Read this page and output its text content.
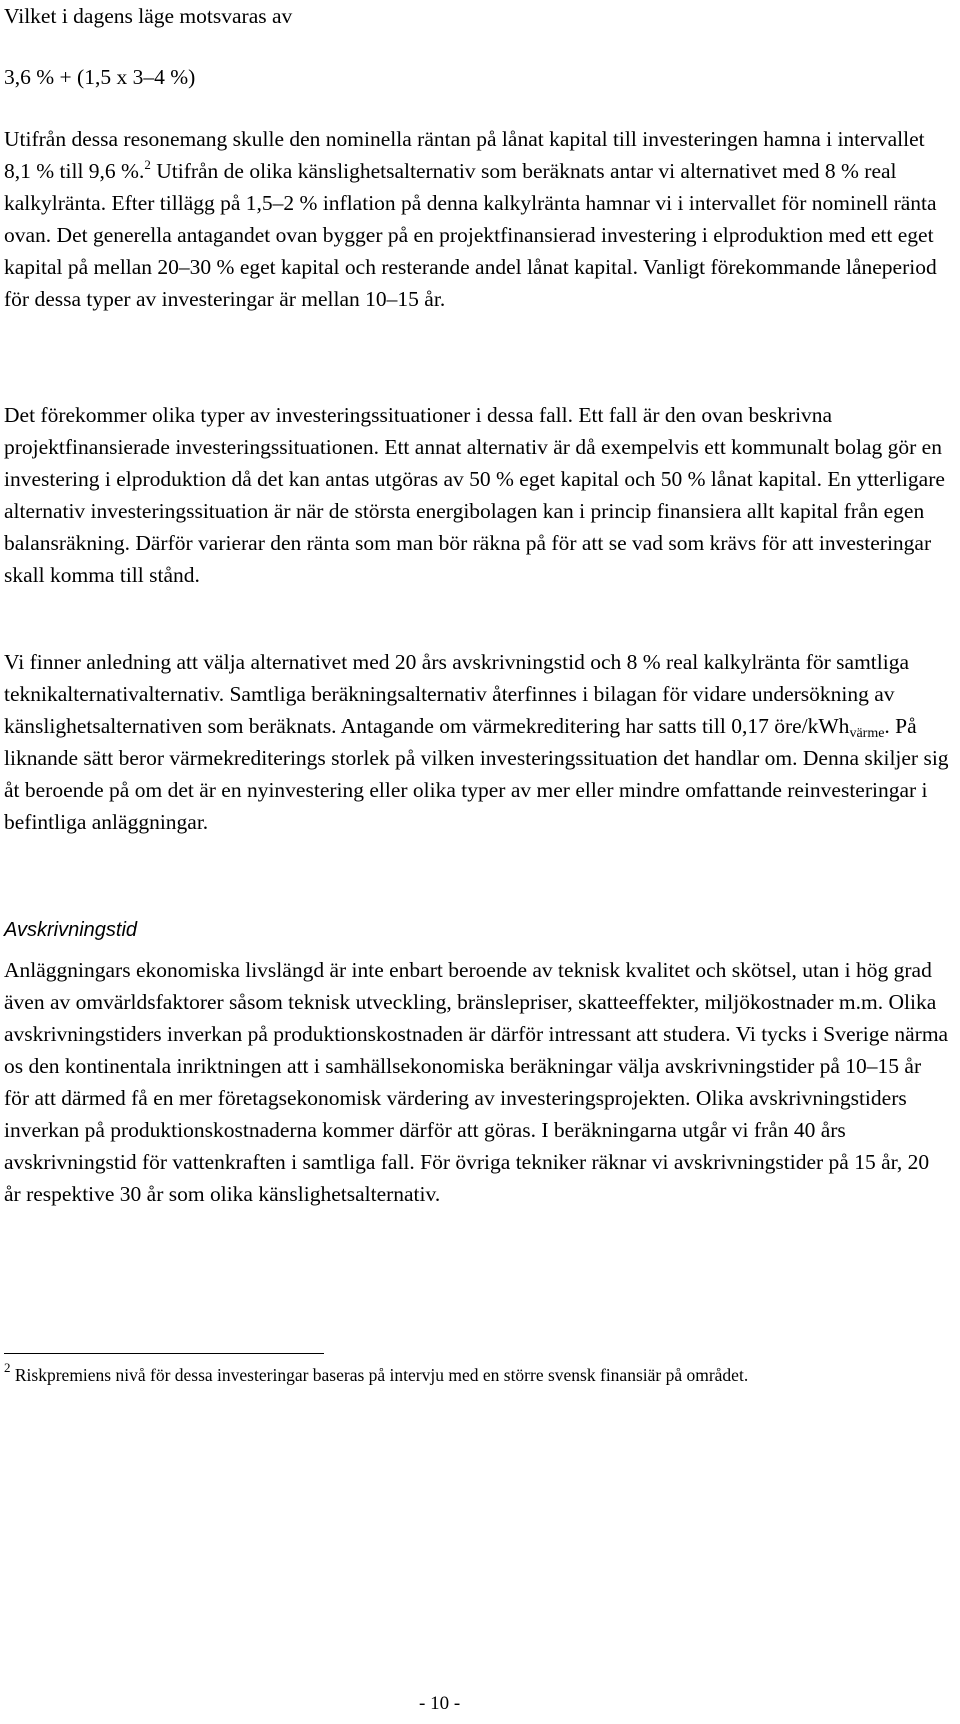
Vilket i dagens läge motsvaras av

3,6 % + (1,5 x 3–4 %)

Utifrån dessa resonemang skulle den nominella räntan på lånat kapital till investeringen hamna i intervallet 8,1 % till 9,6 %.$^2$ Utifrån de olika känslighetsalternativ som beräknats antar vi alternativet med 8 % real kalkylränta. Efter tillägg på 1,5–2 % inflation på denna kalkylränta hamnar vi i intervallet för nominell ränta ovan. Det generella antagandet ovan bygger på en projektfinansierad investering i elproduktion med ett eget kapital på mellan 20–30 % eget kapital och resterande andel lånat kapital. Vanligt förekommande låneperiod för dessa typer av investeringar är mellan 10–15 år.

Det förekommer olika typer av investeringssituationer i dessa fall. Ett fall är den ovan beskrivna projektfinansierade investeringssituationen. Ett annat alternativ är då exempelvis ett kommunalt bolag gör en investering i elproduktion då det kan antas utgöras av 50 % eget kapital och 50 % lånat kapital. En ytterligare alternativ investeringssituation är när de största energibolagen kan i princip finansiera allt kapital från egen balansräkning. Därför varierar den ränta som man bör räkna på för att se vad som krävs för att investeringar skall komma till stånd.

Vi finner anledning att välja alternativet med 20 års avskrivningstid och 8 % real kalkylränta för samtliga teknikalternativalternativ. Samtliga beräkningsalternativ återfinnes i bilagan för vidare undersökning av känslighetsalternativen som beräknats. Antagande om värmekreditering har satts till 0,17 öre/kWh$_{värme}$. På liknande sätt beror värmekrediterings storlek på vilken investeringssituation det handlar om. Denna skiljer sig åt beroende på om det är en nyinvestering eller olika typer av mer eller mindre omfattande reinvesteringar i befintliga anläggningar.

Avskrivningstid

Anläggningars ekonomiska livslängd är inte enbart beroende av teknisk kvalitet och skötsel, utan i hög grad även av omvärldsfaktorer såsom teknisk utveckling, bränslepriser, skatteeffekter, miljökostnader m.m. Olika avskrivningstiders inverkan på produktionskostnaden är därför intressant att studera. Vi tycks i Sverige närma os den kontinentala inriktningen att i samhällsekonomiska beräkningar välja avskrivningstider på 10–15 år för att därmed få en mer företagsekonomisk värdering av investeringsprojekten. Olika avskrivningstiders inverkan på produktionskostnaderna kommer därför att göras. I beräkningarna utgår vi från 40 års avskrivningstid för vattenkraften i samtliga fall. För övriga tekniker räknar vi avskrivningstider på 15 år, 20 år respektive 30 år som olika känslighetsalternativ.

$^2$ Riskpremiens nivå för dessa investeringar baseras på intervju med en större svensk finansiär på området.

- 10 -
